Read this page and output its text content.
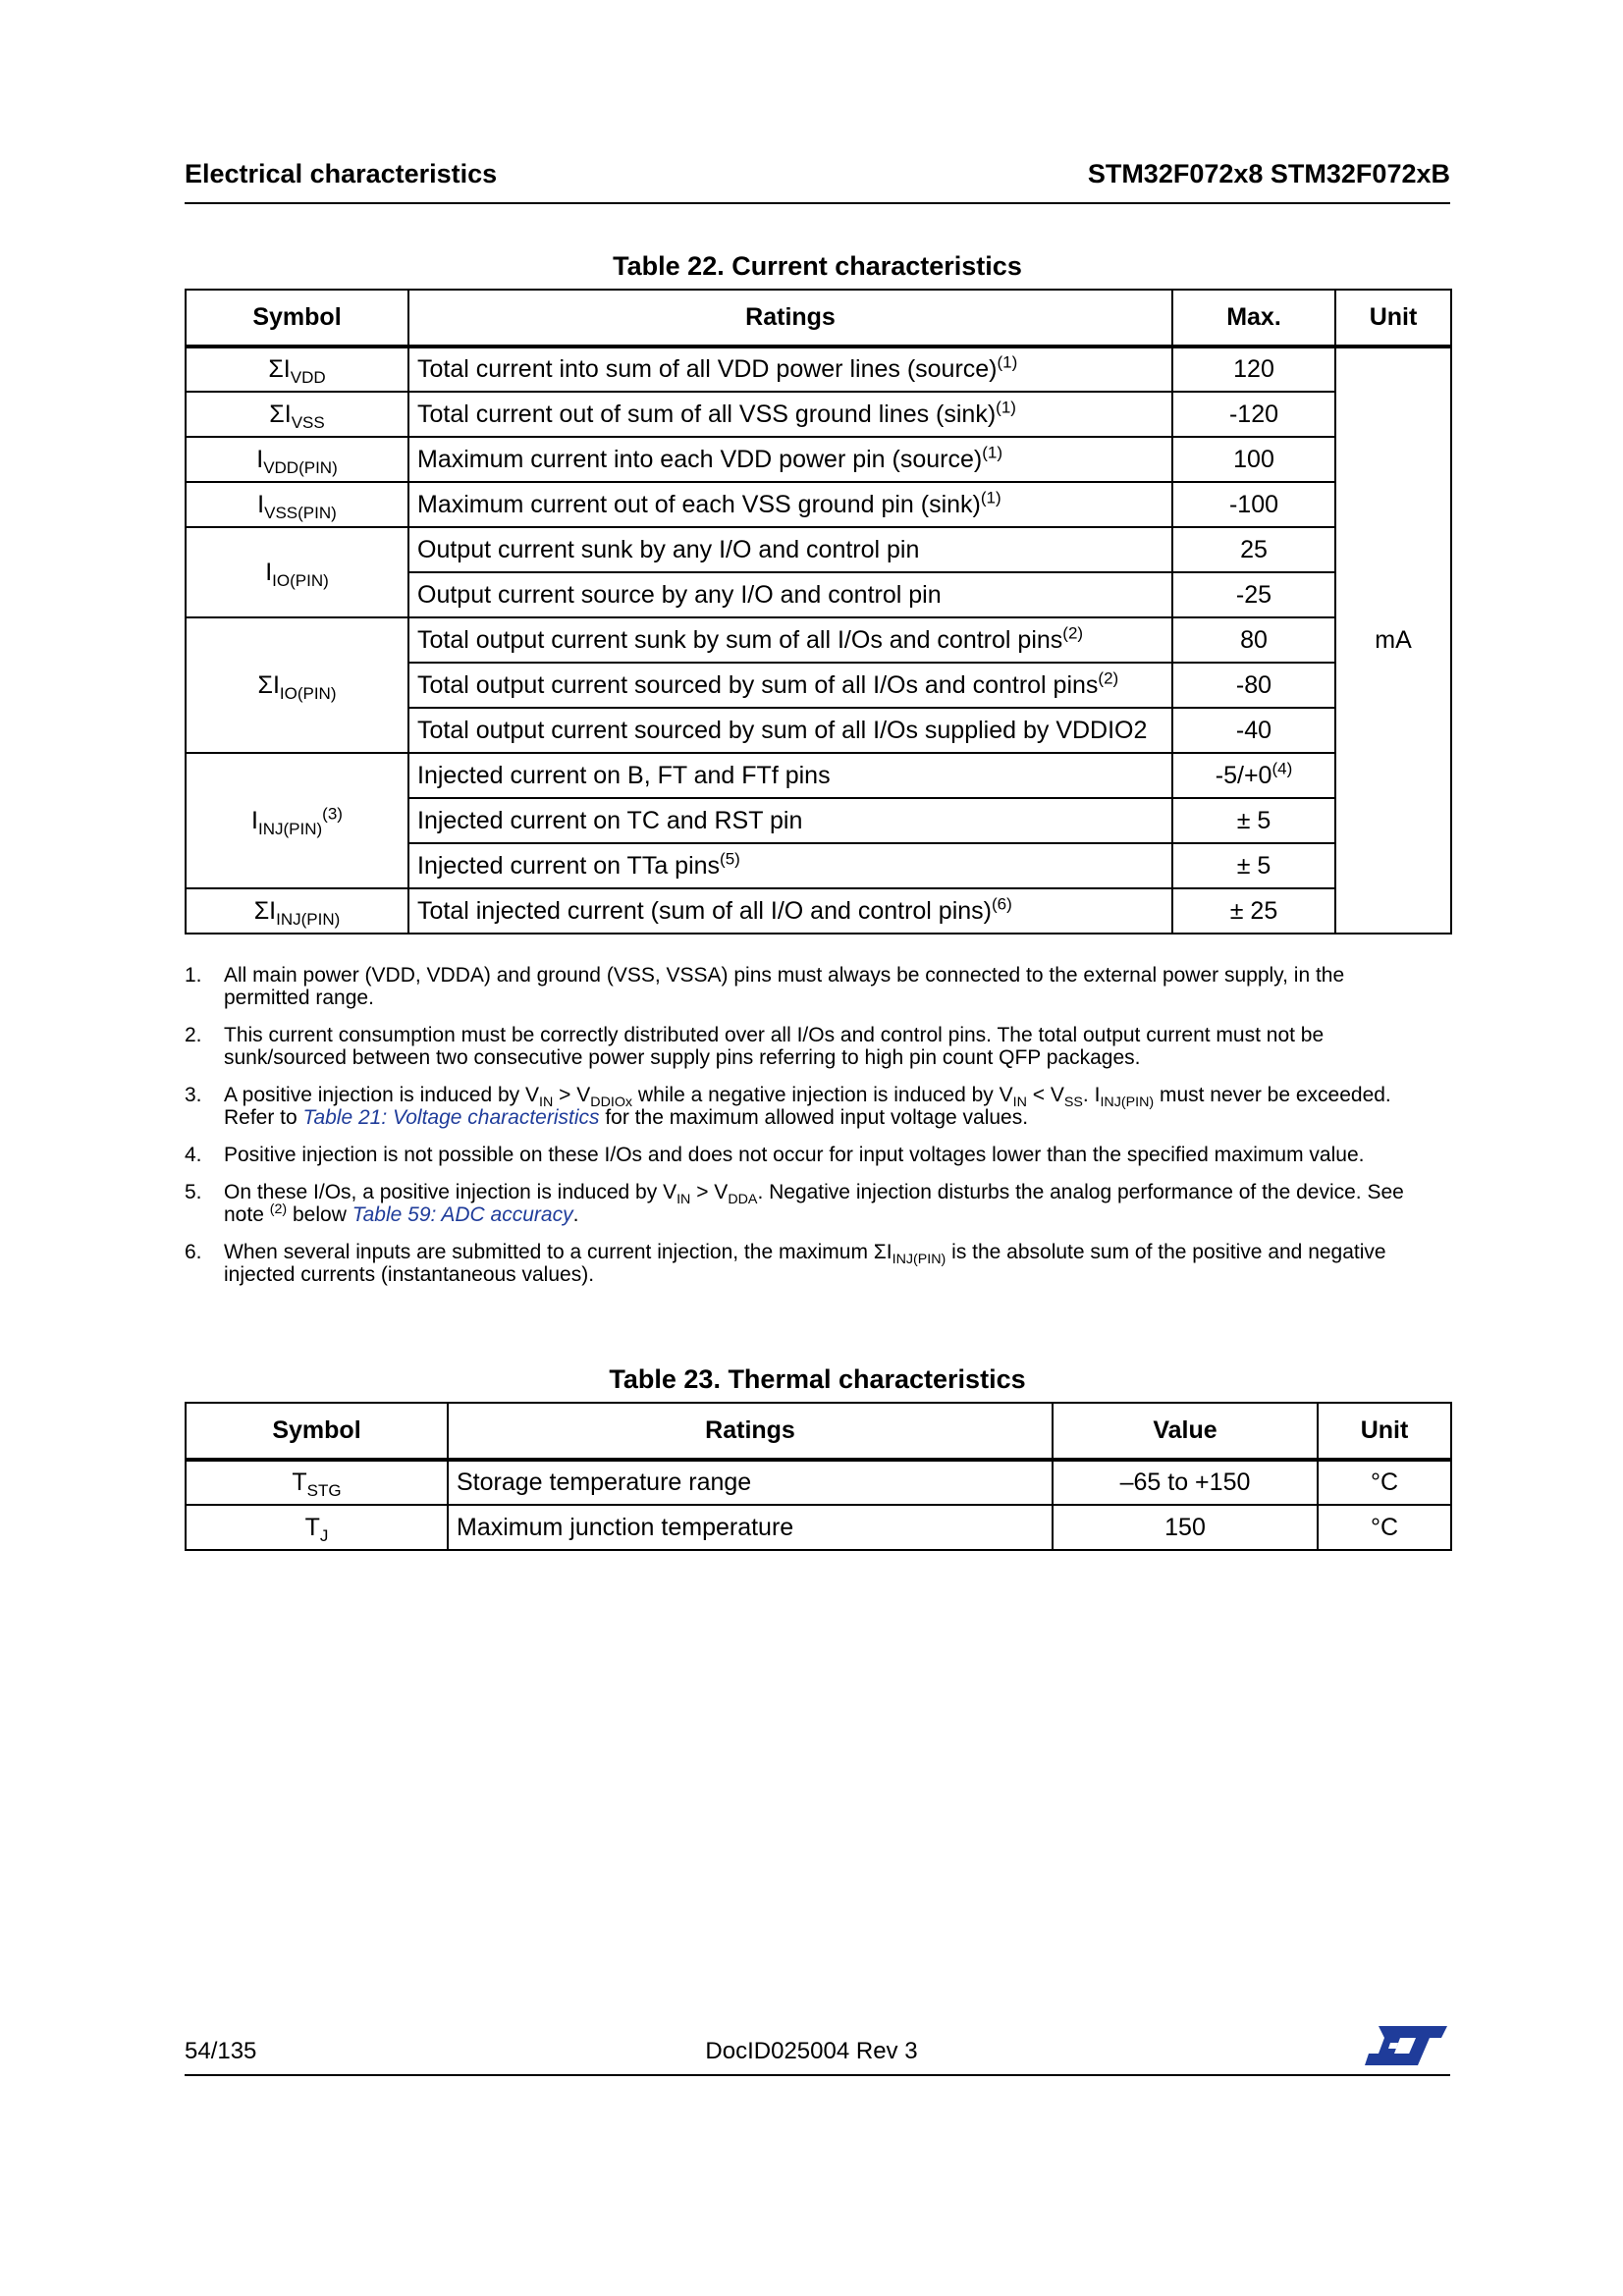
Electrical characteristics	STM32F072x8 STM32F072xB
Table 22. Current characteristics
Symbol	Ratings	Max.	Unit
$\Sigma I_{VDD}$	Total current into sum of all VDD power lines (source)$^{(1)}$	120	mA
$\Sigma I_{VSS}$	Total current out of sum of all VSS ground lines $(\sin k)^{(1)}$	-120	
$I_{VDD(PIN)}$	Maximum current into each VDD power pin (source)$^{(1)}$	100	
$I_{VSS(PIN)}$	Maximum current out of each VSS ground pin $(\sin k)^{(1)}$	-100	
$I_{IO(PIN)}$	Output current sunk by any I/O and control pin	25	
	Output current source by any I/O and control pin	-25	
$\Sigma I_{IO(PIN)}$	Total output current sunk by sum of all I/Os and control pins$^{(2)}$	80	
	Total output current sourced by sum of all I/Os and control pins$^{(2)}$	-80	
	Total output current sourced by sum of all I/Os supplied by VDDIO2	-40	
$I_{INJ(PIN)}^{(3)}$	Injected current on B, FT and FTf pins	$-5/+0^{(4)}$
	Injected current on TC and RST pin	± 5	
	Injected current on TTa pins$^{(5)}$	± 5	
$\Sigma I_{INJ(PIN)}$	Total injected current (sum of all I/O and control pins)$^{(6)}$	± 25	
1. All main power (VDD, VDDA) and ground (VSS, VSSA) pins must always be connected to the external power supply, in the permitted range.
2. This current consumption must be correctly distributed over all I/Os and control pins. The total output current must not be sunk/sourced between two consecutive power supply pins referring to high pin count QFP packages.
3. A positive injection is induced by $V_{IN} > V_{DDIOx}$ while a negative injection is induced by $V_{IN} < V_{SS}$. $I_{INJ(PIN)}$ must never be exceeded. Refer to Table 21: Voltage characteristics for the maximum allowed input voltage values.
4. Positive injection is not possible on these I/Os and does not occur for input voltages lower than the specified maximum value.
5. On these I/Os, a positive injection is induced by $V_{IN} > V_{DDA}$. Negative injection disturbs the analog performance of the device. See note $^{(2)}$ below Table 59: ADC accuracy.
6. When several inputs are submitted to a current injection, the maximum $\Sigma I_{INJ(PIN)}$ is the absolute sum of the positive and negative injected currents (instantaneous values).
Table 23. Thermal characteristics
Symbol	Ratings	Value	Unit
$T_{STG}$	Storage temperature range	–65 to +150	°C
$T_J$	Maximum junction temperature	150	°C
54/135	DocID025004 Rev 3
